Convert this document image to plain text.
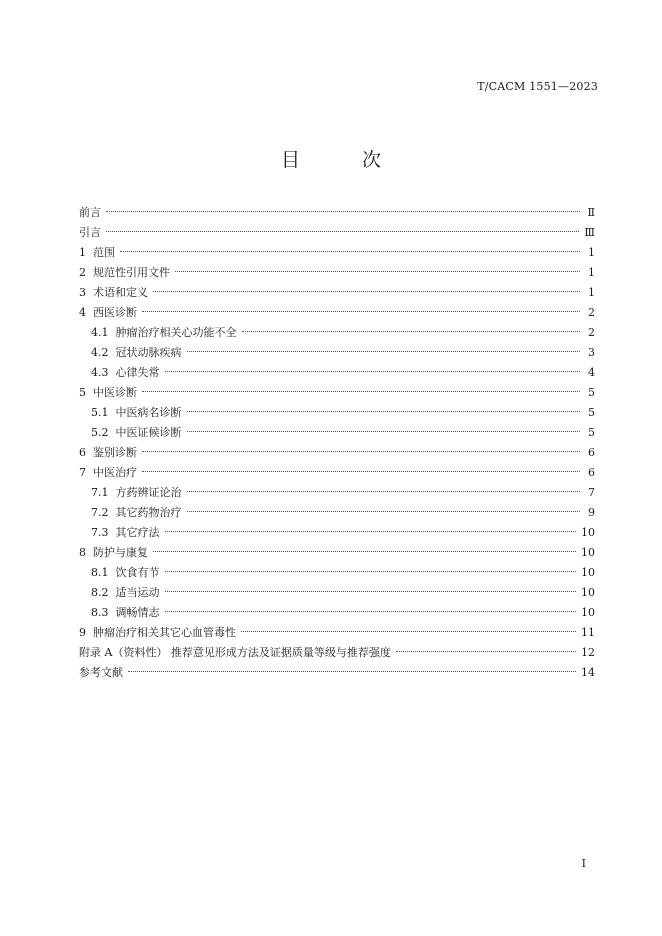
T/CACM 1551—2023
目 次
前言	Ⅱ
引言	Ⅲ
1 范围	1
2 规范性引用文件	1
3 术语和定义	1
4 西医诊断	2
4.1 肿瘤治疗相关心功能不全	2
4.2 冠状动脉疾病	3
4.3 心律失常	4
5 中医诊断	5
5.1 中医病名诊断	5
5.2 中医证候诊断	5
6 鉴别诊断	6
7 中医治疗	6
7.1 方药辨证论治	7
7.2 其它药物治疗	9
7.3 其它疗法	10
8 防护与康复	10
8.1 饮食有节	10
8.2 适当运动	10
8.3 调畅情志	10
9 肿瘤治疗相关其它心血管毒性	11
附录 A（资料性） 推荐意见形成方法及证据质量等级与推荐强度	12
参考文献	14
I
